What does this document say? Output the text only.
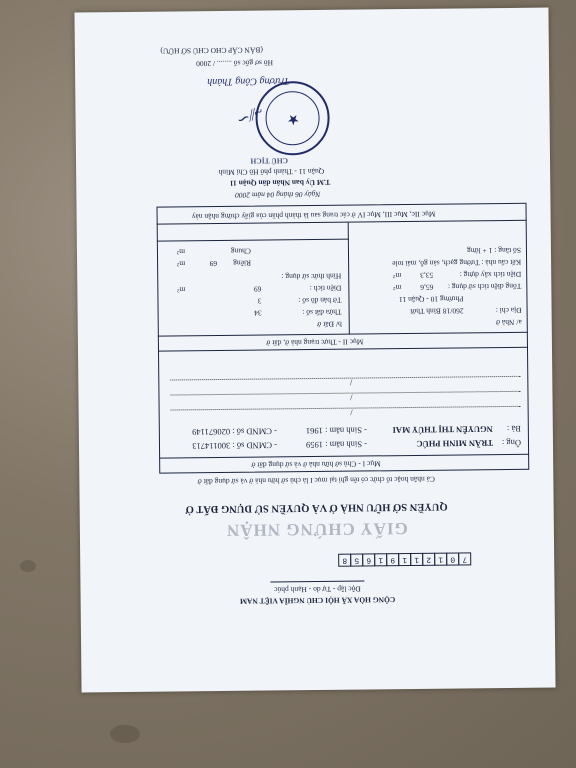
CỘNG HÒA XÃ HỘI CHỦ NGHĨA VIỆT NAM
Độc lập - Tự do - Hạnh phúc
70121191658
GIẤY CHỨNG NHẬN
QUYỀN SỞ HỮU NHÀ Ở VÀ QUYỀN SỬ DỤNG ĐẤT Ở
Cá nhân hoặc tổ chức có tên ghi tại mục I là chủ sở hữu nhà ở và sử dụng đất ở
Mục I - Chủ sở hữu nhà ở và sử dụng đất ở
Ông :
TRẦN MINH PHÚC
- Sinh năm : 1959
- CMND số : 300114713
Bà :
NGUYỄN THỊ THÚY MAI
- Sinh năm : 1961
- CMND số : 020671149
/
/
/
Mục II - Thực trạng nhà ở, đất ở
a/ Nhà ở
Địa chỉ :
260/18 Bình Thới
Phường 10 - Quận 11
Tổng diện tích sử dụng :
65,6
m²
Diện tích xây dựng :
53,3
m²
Kết cấu nhà : Tường gạch, sàn gỗ, mái tole
Số tầng : 1 + lửng
b/ Đất ở
Thửa đất số :
34
Tờ bản đồ số :
3
Diện tích :
69
m²
Hình thức sử dụng :
Riêng
69
m²
Chung
m²
Mục IIc, Mục III, Mục IV ở các trang sau là thành phần của giấy chứng nhận này
Ngày 06 tháng 04 năm 2000
T.M Ủy ban Nhân dân Quận 11
Quận 11 - Thành phố Hồ Chí Minh
CHỦ TỊCH
★
~∕∕∽
Trương Công Thành
Hồ sơ gốc số ........ / 2000
(BẢN CẤP CHO CHỦ SỞ HỮU)
